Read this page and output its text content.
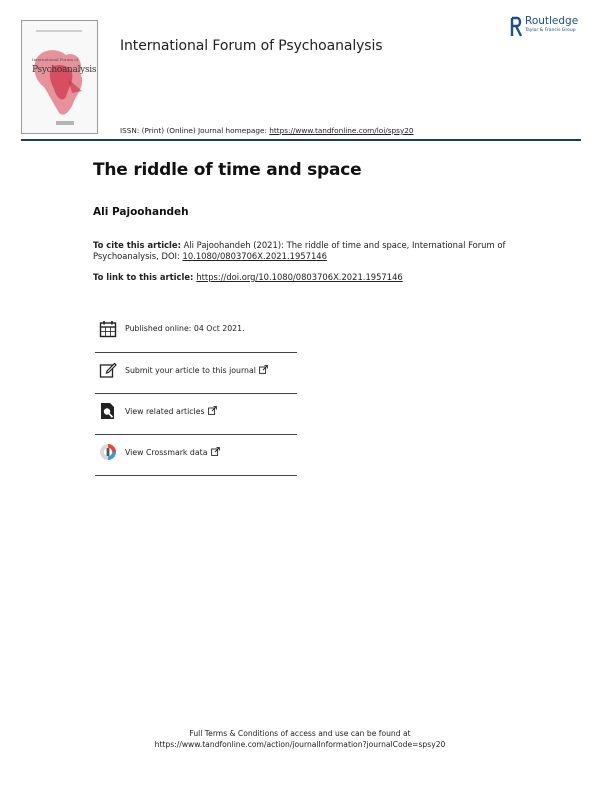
International Forum of
Psychoanalysis
International Forum of Psychoanalysis
Routledge
Taylor & Francis Group
ISSN: (Print) (Online) Journal homepage: https://www.tandfonline.com/loi/spsy20
The riddle of time and space
Ali Pajoohandeh
To cite this article: Ali Pajoohandeh (2021): The riddle of time and space, International Forum of Psychoanalysis, DOI: 10.1080/0803706X.2021.1957146
To link to this article: https://doi.org/10.1080/0803706X.2021.1957146
Published online: 04 Oct 2021.
Submit your article to this journal
View related articles
View Crossmark data
Full Terms & Conditions of access and use can be found at
https://www.tandfonline.com/action/journalInformation?journalCode=spsy20
